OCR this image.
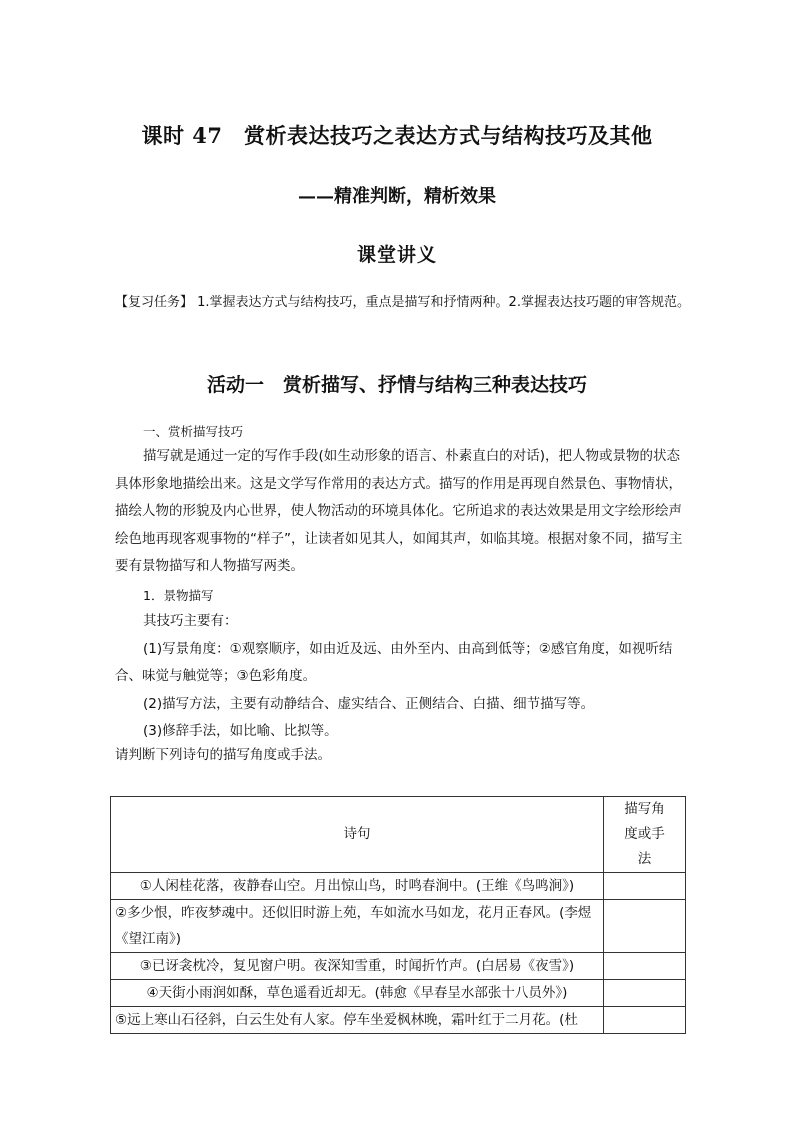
课时 47　赏析表达技巧之表达方式与结构技巧及其他
——精准判断，精析效果
课堂讲义
【复习任务】 1.掌握表达方式与结构技巧，重点是描写和抒情两种。2.掌握表达技巧题的审答规范。
活动一　赏析描写、抒情与结构三种表达技巧
一、赏析描写技巧
描写就是通过一定的写作手段(如生动形象的语言、朴素直白的对话)，把人物或景物的状态具体形象地描绘出来。这是文学写作常用的表达方式。描写的作用是再现自然景色、事物情状，描绘人物的形貌及内心世界，使人物活动的环境具体化。它所追求的表达效果是用文字绘形绘声绘色地再现客观事物的“样子”，让读者如见其人，如闻其声，如临其境。根据对象不同，描写主要有景物描写和人物描写两类。
1．景物描写
其技巧主要有：
(1)写景角度：①观察顺序，如由近及远、由外至内、由高到低等；②感官角度，如视听结合、味觉与触觉等；③色彩角度。
(2)描写方法，主要有动静结合、虚实结合、正侧结合、白描、细节描写等。
(3)修辞手法，如比喻、比拟等。
请判断下列诗句的描写角度或手法。
诗句	描写角度或手法
①人闲桂花落，夜静春山空。月出惊山鸟，时鸣春涧中。(王维《鸟鸣涧》)	
②多少恨，昨夜梦魂中。还似旧时游上苑，车如流水马如龙，花月正春风。(李煜《望江南》)	
③已讶衾枕冷，复见窗户明。夜深知雪重，时闻折竹声。(白居易《夜雪》)	
④天街小雨润如酥，草色遥看近却无。(韩愈《早春呈水部张十八员外》)	
⑤远上寒山石径斜，白云生处有人家。停车坐爱枫林晚，霜叶红于二月花。(杜	
